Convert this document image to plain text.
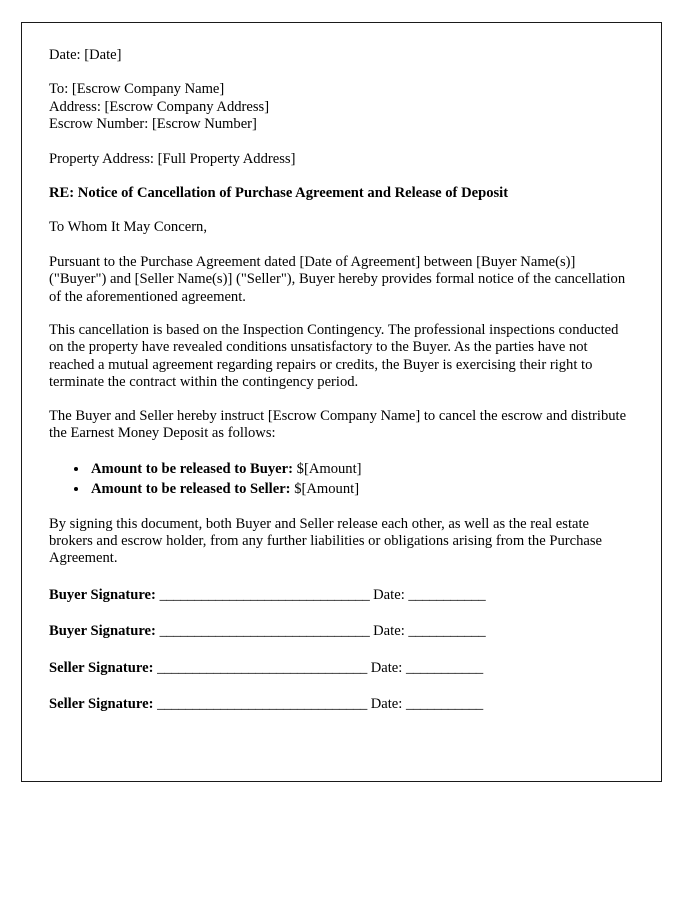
Date: [Date]

To: [Escrow Company Name]
Address: [Escrow Company Address]
Escrow Number: [Escrow Number]

Property Address: [Full Property Address]

RE: Notice of Cancellation of Purchase Agreement and Release of Deposit

To Whom It May Concern,

Pursuant to the Purchase Agreement dated [Date of Agreement] between [Buyer Name(s)] ("Buyer") and [Seller Name(s)] ("Seller"), Buyer hereby provides formal notice of the cancellation of the aforementioned agreement.

This cancellation is based on the Inspection Contingency. The professional inspections conducted on the property have revealed conditions unsatisfactory to the Buyer. As the parties have not reached a mutual agreement regarding repairs or credits, the Buyer is exercising their right to terminate the contract within the contingency period.

The Buyer and Seller hereby instruct [Escrow Company Name] to cancel the escrow and distribute the Earnest Money Deposit as follows:

• Amount to be released to Buyer: $[Amount]
• Amount to be released to Seller: $[Amount]

By signing this document, both Buyer and Seller release each other, as well as the real estate brokers and escrow holder, from any further liabilities or obligations arising from the Purchase Agreement.

Buyer Signature: ______________________________ Date: ___________
Buyer Signature: ______________________________ Date: ___________
Seller Signature: ______________________________ Date: ___________
Seller Signature: ______________________________ Date: ___________
